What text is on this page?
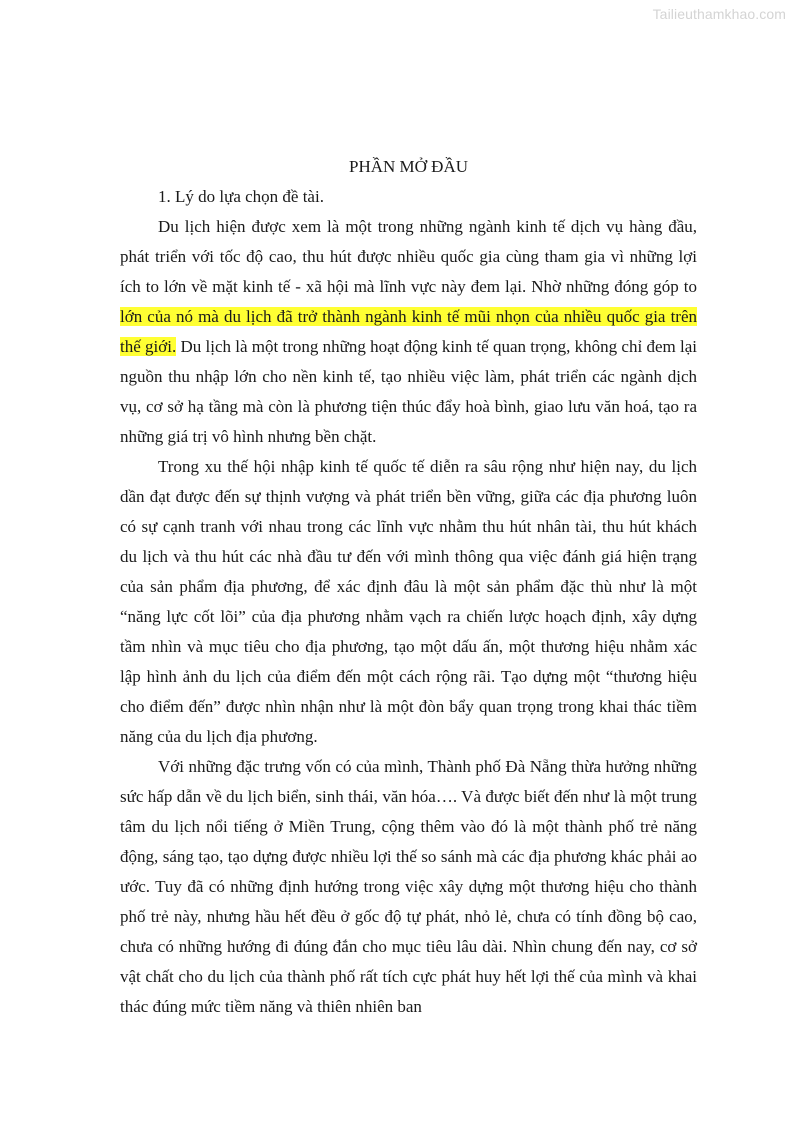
Tailieuthamkhao.com
PHẦN MỞ ĐẦU

1. Lý do lựa chọn đề tài.

Du lịch hiện được xem là một trong những ngành kinh tế dịch vụ hàng đầu, phát triển với tốc độ cao, thu hút được nhiều quốc gia cùng tham gia vì những lợi ích to lớn về mặt kinh tế - xã hội mà lĩnh vực này đem lại. Nhờ những đóng góp to lớn của nó mà du lịch đã trở thành ngành kinh tế mũi nhọn của nhiều quốc gia trên thế giới. Du lịch là một trong những hoạt động kinh tế quan trọng, không chỉ đem lại nguồn thu nhập lớn cho nền kinh tế, tạo nhiều việc làm, phát triển các ngành dịch vụ, cơ sở hạ tầng mà còn là phương tiện thúc đẩy hoà bình, giao lưu văn hoá, tạo ra những giá trị vô hình nhưng bền chặt.

Trong xu thế hội nhập kinh tế quốc tế diễn ra sâu rộng như hiện nay, du lịch dần đạt được đến sự thịnh vượng và phát triển bền vững, giữa các địa phương luôn có sự cạnh tranh với nhau trong các lĩnh vực nhằm thu hút nhân tài, thu hút khách du lịch và thu hút các nhà đầu tư đến với mình thông qua việc đánh giá hiện trạng của sản phẩm địa phương, để xác định đâu là một sản phẩm đặc thù như là một “năng lực cốt lõi” của địa phương nhằm vạch ra chiến lược hoạch định, xây dựng tầm nhìn và mục tiêu cho địa phương, tạo một dấu ấn, một thương hiệu nhằm xác lập hình ảnh du lịch của điểm đến một cách rộng rãi. Tạo dựng một “thương hiệu cho điểm đến” được nhìn nhận như là một đòn bẩy quan trọng trong khai thác tiềm năng của du lịch địa phương.

Với những đặc trưng vốn có của mình, Thành phố Đà Nẵng thừa hưởng những sức hấp dẫn về du lịch biển, sinh thái, văn hóa…. Và được biết đến như là một trung tâm du lịch nổi tiếng ở Miền Trung, cộng thêm vào đó là một thành phố trẻ năng động, sáng tạo, tạo dựng được nhiều lợi thế so sánh mà các địa phương khác phải ao ước. Tuy đã có những định hướng trong việc xây dựng một thương hiệu cho thành phố trẻ này, nhưng hầu hết đều ở gốc độ tự phát, nhỏ lẻ, chưa có tính đồng bộ cao, chưa có những hướng đi đúng đắn cho mục tiêu lâu dài. Nhìn chung đến nay, cơ sở vật chất cho du lịch của thành phố rất tích cực phát huy hết lợi thế của mình và khai thác đúng mức tiềm năng và thiên nhiên ban
